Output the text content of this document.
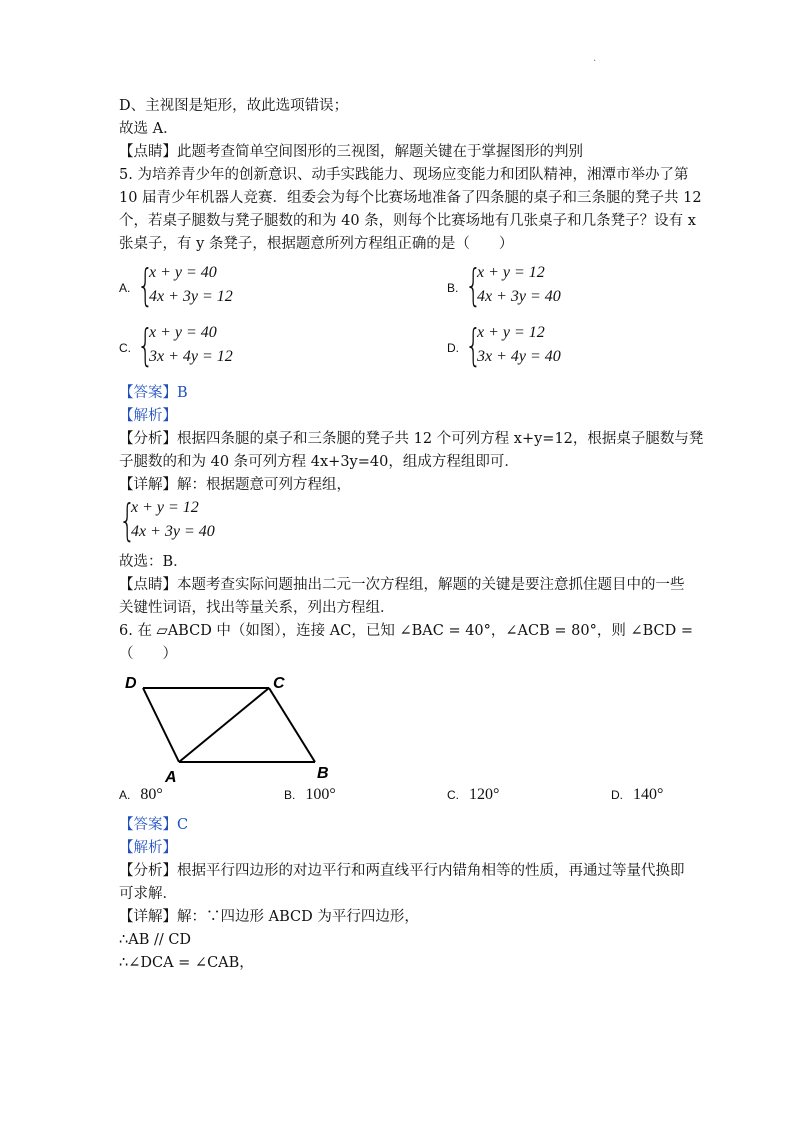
·
D、主视图是矩形，故此选项错误；
故选 A．
【点睛】此题考查简单空间图形的三视图，解题关键在于掌握图形的判别
5. 为培养青少年的创新意识、动手实践能力、现场应变能力和团队精神，湘潭市举办了第
10 届青少年机器人竞赛．组委会为每个比赛场地准备了四条腿的桌子和三条腿的凳子共 12
个，若桌子腿数与凳子腿数的和为 40 条，则每个比赛场地有几张桌子和几条凳子？设有 x
张桌子，有 y 条凳子，根据题意所列方程组正确的是（　　）
A. {
x + y = 40
4x + 3y = 12	B. {
x + y = 12
4x + 3y = 40
C. {
x + y = 40
3x + 4y = 12	D. {
x + y = 12
3x + 4y = 40
【答案】B
【解析】
【分析】根据四条腿的桌子和三条腿的凳子共 12 个可列方程 x+y=12，根据桌子腿数与凳
子腿数的和为 40 条可列方程 4x+3y=40，组成方程组即可．
【详解】解：根据题意可列方程组，
{
x + y = 12
4x + 3y = 40
故选：B．
【点睛】本题考查实际问题抽出二元一次方程组，解题的关键是要注意抓住题目中的一些
关键性词语，找出等量关系，列出方程组．
6. 在 ▱ABCD 中（如图），连接 AC，已知 ∠BAC = 40°，∠ACB = 80°，则 ∠BCD =
（　　）
D	C
A	B
A. 80°	B. 100°	C. 120°	D. 140°
【答案】C
【解析】
【分析】根据平行四边形的对边平行和两直线平行内错角相等的性质，再通过等量代换即
可求解．
【详解】解：∵四边形 ABCD 为平行四边形，
∴AB // CD
∴∠DCA = ∠CAB，
